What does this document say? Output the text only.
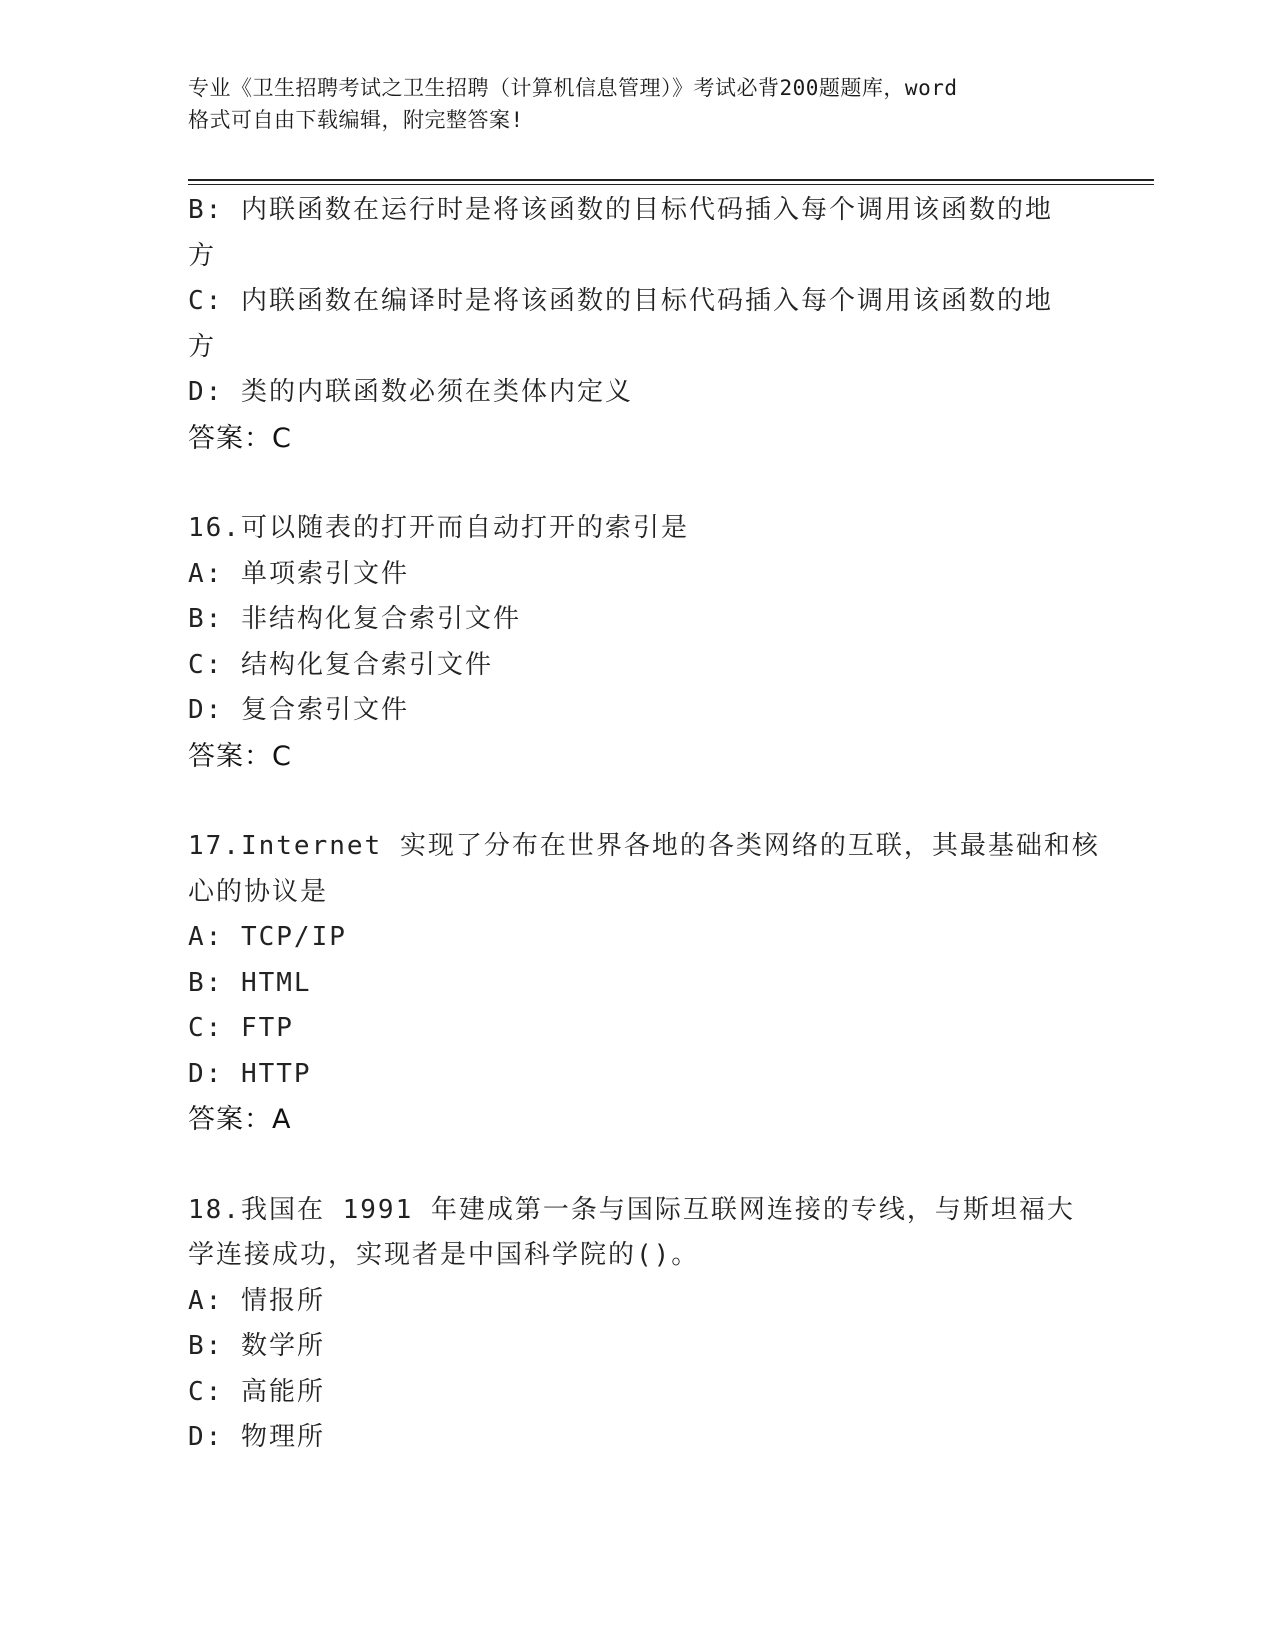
专业《卫生招聘考试之卫生招聘（计算机信息管理）》考试必背200题题库，word

格式可自由下载编辑，附完整答案!

B: 内联函数在运行时是将该函数的目标代码插入每个调用该函数的地
方
C: 内联函数在编译时是将该函数的目标代码插入每个调用该函数的地
方
D: 类的内联函数必须在类体内定义
答案：C
16.可以随表的打开而自动打开的索引是
A: 单项索引文件
B: 非结构化复合索引文件
C: 结构化复合索引文件
D: 复合索引文件
答案：C
17.Internet 实现了分布在世界各地的各类网络的互联，其最基础和核
心的协议是
A: TCP/IP
B: HTML
C: FTP
D: HTTP
答案：A
18.我国在 1991 年建成第一条与国际互联网连接的专线，与斯坦福大
学连接成功，实现者是中国科学院的()。
A: 情报所
B: 数学所
C: 高能所
D: 物理所
